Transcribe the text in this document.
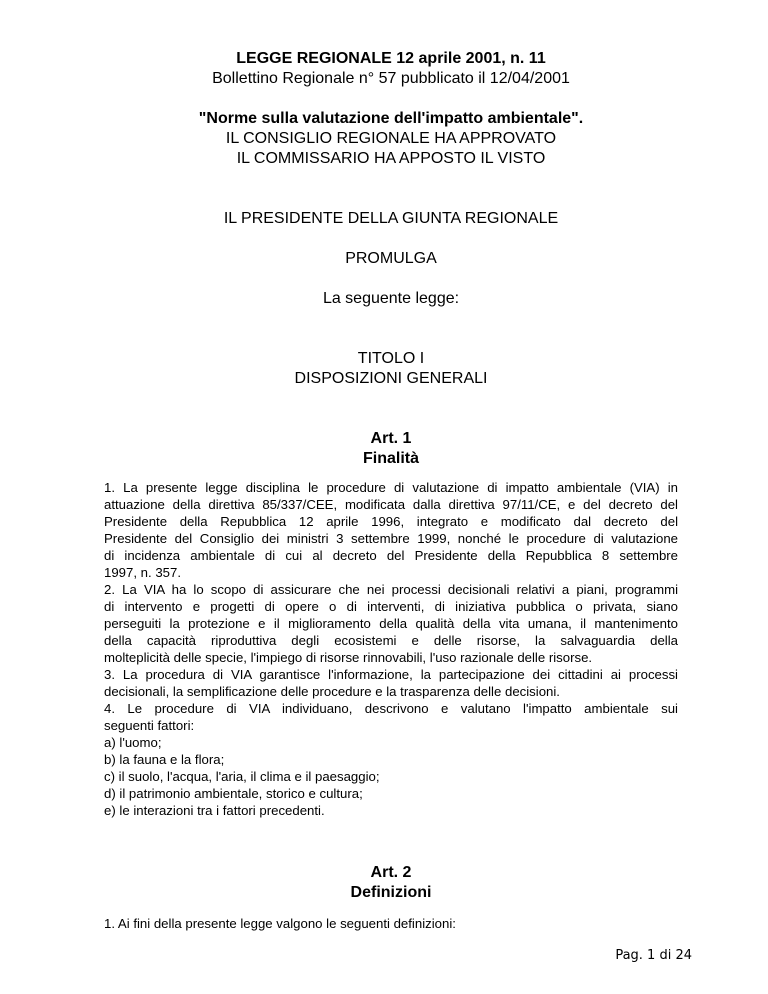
LEGGE REGIONALE 12 aprile 2001, n. 11

Bollettino Regionale n° 57 pubblicato il 12/04/2001

"Norme sulla valutazione dell'impatto ambientale".

IL CONSIGLIO REGIONALE HA APPROVATO

IL COMMISSARIO HA APPOSTO IL VISTO

IL PRESIDENTE DELLA GIUNTA REGIONALE

PROMULGA

La seguente legge:

TITOLO I

DISPOSIZIONI GENERALI

Art. 1

Finalità

1. La presente legge disciplina le procedure di valutazione di impatto ambientale (VIA) in
attuazione della direttiva 85/337/CEE, modificata dalla direttiva 97/11/CE, e del decreto del
Presidente della Repubblica 12 aprile 1996, integrato e modificato dal decreto del
Presidente del Consiglio dei ministri 3 settembre 1999, nonché le procedure di valutazione
di incidenza ambientale di cui al decreto del Presidente della Repubblica 8 settembre
1997, n. 357.
2. La VIA ha lo scopo di assicurare che nei processi decisionali relativi a piani, programmi
di intervento e progetti di opere o di interventi, di iniziativa pubblica o privata, siano
perseguiti la protezione e il miglioramento della qualità della vita umana, il mantenimento
della capacità riproduttiva degli ecosistemi e delle risorse, la salvaguardia della
molteplicità delle specie, l'impiego di risorse rinnovabili, l'uso razionale delle risorse.
3. La procedura di VIA garantisce l'informazione, la partecipazione dei cittadini ai processi
decisionali, la semplificazione delle procedure e la trasparenza delle decisioni.
4. Le procedure di VIA individuano, descrivono e valutano l'impatto ambientale sui
seguenti fattori:
a) l'uomo;
b) la fauna e la flora;
c) il suolo, l'acqua, l'aria, il clima e il paesaggio;
d) il patrimonio ambientale, storico e cultura;
e) le interazioni tra i fattori precedenti.

Art. 2

Definizioni

1. Ai fini della presente legge valgono le seguenti definizioni:
Pag. 1 di 24
